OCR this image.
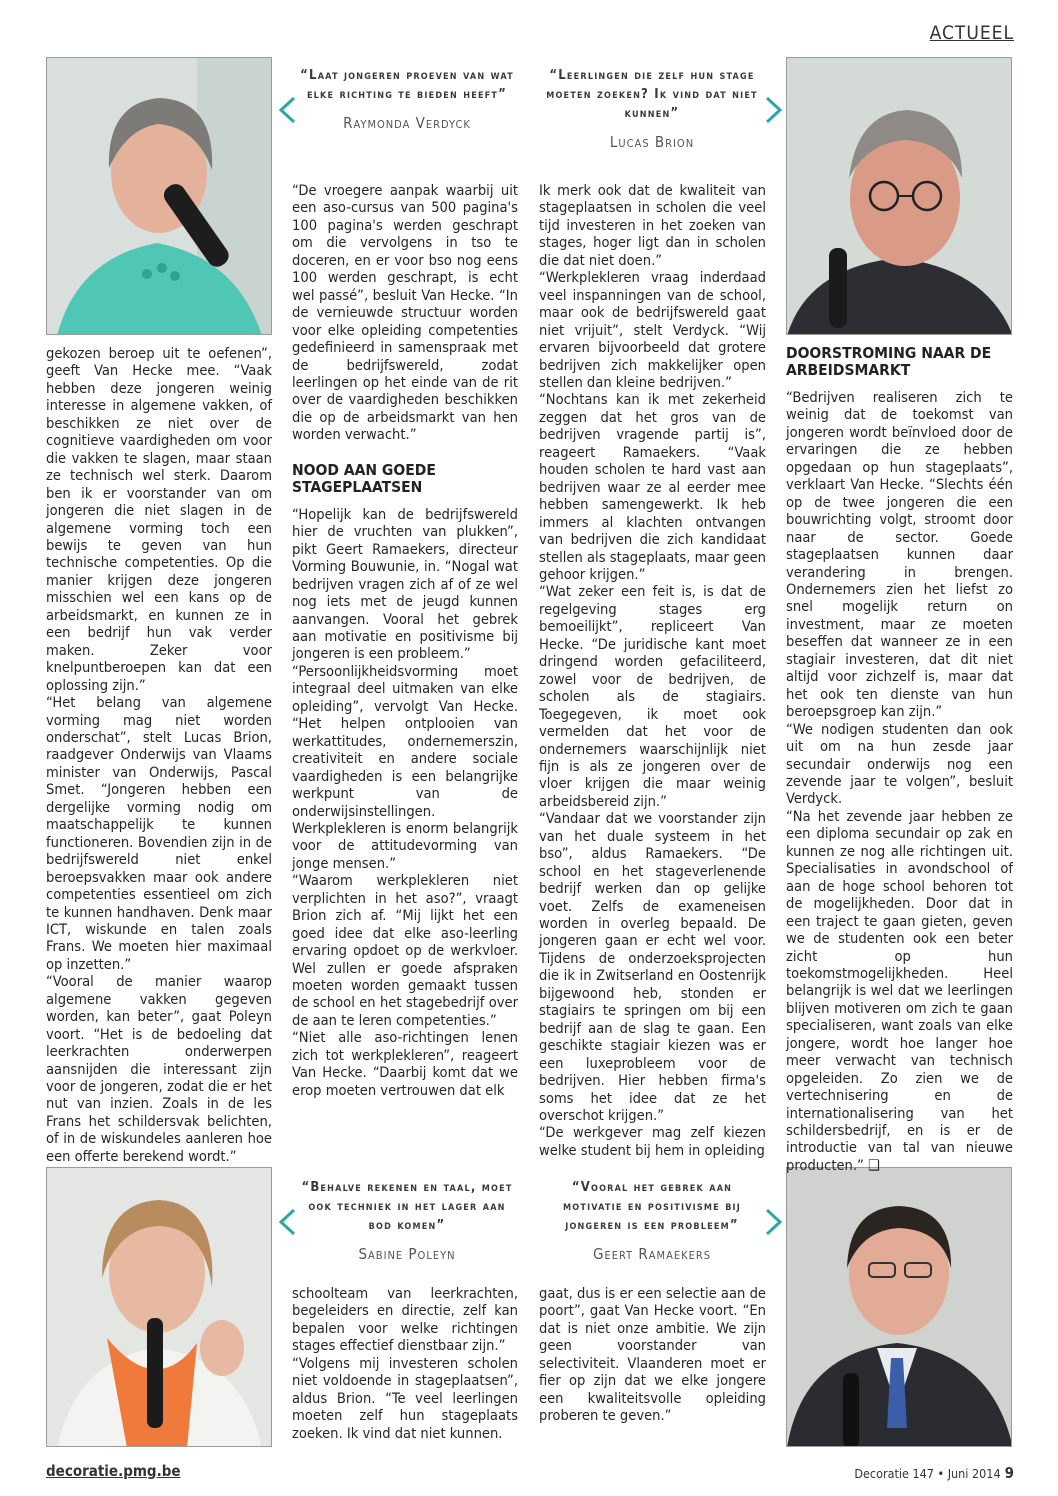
ACTUEEL
“Laat jongeren proeven van wat elke richting te bieden heeft”
Raymonda Verdyck
“Leerlingen die zelf hun stage moeten zoeken? Ik vind dat niet kunnen”
Lucas Brion
“Behalve rekenen en taal, moet ook techniek in het lager aan bod komen”
Sabine Poleyn
“Vooral het gebrek aan motivatie en positivisme bij jongeren is een probleem”
Geert Ramaekers

gekozen beroep uit te oefenen”, geeft Van Hecke mee. “Vaak hebben deze jongeren weinig interesse in algemene vakken, of beschikken ze niet over de cognitieve vaardigheden om voor die vakken te slagen, maar staan ze technisch wel sterk. Daarom ben ik er voorstander van om jongeren die niet slagen in de algemene vorming toch een bewijs te geven van hun technische competenties. Op die manier krijgen deze jongeren misschien wel een kans op de arbeidsmarkt, en kunnen ze in een bedrijf hun vak verder maken. Zeker voor knelpuntberoepen kan dat een oplossing zijn.”

“Het belang van algemene vorming mag niet worden onderschat”, stelt Lucas Brion, raadgever Onderwijs van Vlaams minister van Onderwijs, Pascal Smet. “Jongeren hebben een dergelijke vorming nodig om maatschappelijk te kunnen functioneren. Bovendien zijn in de bedrijfswereld niet enkel beroepsvakken maar ook andere competenties essentieel om zich te kunnen handhaven. Denk maar ICT, wiskunde en talen zoals Frans. We moeten hier maximaal op inzetten.”

“Vooral de manier waarop algemene vakken gegeven worden, kan beter”, gaat Poleyn voort. “Het is de bedoeling dat leerkrachten onderwerpen aansnijden die interessant zijn voor de jongeren, zodat die er het nut van inzien. Zoals in de les Frans het schildersvak belichten, of in de wiskundeles aanleren hoe een offerte berekend wordt.”

“De vroegere aanpak waarbij uit een aso-cursus van 500 pagina's 100 pagina's werden geschrapt om die vervolgens in tso te doceren, en er voor bso nog eens 100 werden geschrapt, is echt wel passé”, besluit Van Hecke. “In de vernieuwde structuur worden voor elke opleiding competenties gedefinieerd in samenspraak met de bedrijfswereld, zodat leerlingen op het einde van de rit over de vaardigheden beschikken die op de arbeidsmarkt van hen worden verwacht.”

NOOD AAN GOEDE STAGEPLAATSEN

“Hopelijk kan de bedrijfswereld hier de vruchten van plukken”, pikt Geert Ramaekers, directeur Vorming Bouwunie, in. “Nogal wat bedrijven vragen zich af of ze wel nog iets met de jeugd kunnen aanvangen. Vooral het gebrek aan motivatie en positivisme bij jongeren is een probleem.”

“Persoonlijkheidsvorming moet integraal deel uitmaken van elke opleiding”, vervolgt Van Hecke. “Het helpen ontplooien van werkattitudes, ondernemerszin, creativiteit en andere sociale vaardigheden is een belangrijke werkpunt van de onderwijsinstellingen. Werkplekleren is enorm belangrijk voor de attitudevorming van jonge mensen.”

“Waarom werkplekleren niet verplichten in het aso?”, vraagt Brion zich af. “Mij lijkt het een goed idee dat elke aso-leerling ervaring opdoet op de werkvloer. Wel zullen er goede afspraken moeten worden gemaakt tussen de school en het stagebedrijf over de aan te leren competenties.”

“Niet alle aso-richtingen lenen zich tot werkplekleren”, reageert Van Hecke. “Daarbij komt dat we erop moeten vertrouwen dat elk

schoolteam van leerkrachten, begeleiders en directie, zelf kan bepalen voor welke richtingen stages effectief dienstbaar zijn.”

“Volgens mij investeren scholen niet voldoende in stageplaatsen”, aldus Brion. “Te veel leerlingen moeten zelf hun stageplaats zoeken. Ik vind dat niet kunnen.

Ik merk ook dat de kwaliteit van stageplaatsen in scholen die veel tijd investeren in het zoeken van stages, hoger ligt dan in scholen die dat niet doen.”

“Werkplekleren vraag inderdaad veel inspanningen van de school, maar ook de bedrijfswereld gaat niet vrijuit”, stelt Verdyck. “Wij ervaren bijvoorbeeld dat grotere bedrijven zich makkelijker open stellen dan kleine bedrijven.”

“Nochtans kan ik met zekerheid zeggen dat het gros van de bedrijven vragende partij is”, reageert Ramaekers. “Vaak houden scholen te hard vast aan bedrijven waar ze al eerder mee hebben samengewerkt. Ik heb immers al klachten ontvangen van bedrijven die zich kandidaat stellen als stageplaats, maar geen gehoor krijgen.”

“Wat zeker een feit is, is dat de regelgeving stages erg bemoeilijkt”, repliceert Van Hecke. “De juridische kant moet dringend worden gefaciliteerd, zowel voor de bedrijven, de scholen als de stagiairs. Toegegeven, ik moet ook vermelden dat het voor de ondernemers waarschijnlijk niet fijn is als ze jongeren over de vloer krijgen die maar weinig arbeidsbereid zijn.”

“Vandaar dat we voorstander zijn van het duale systeem in het bso”, aldus Ramaekers. “De school en het stageverlenende bedrijf werken dan op gelijke voet. Zelfs de exameneisen worden in overleg bepaald. De jongeren gaan er echt wel voor. Tijdens de onderzoeksprojecten die ik in Zwitserland en Oostenrijk bijgewoond heb, stonden er stagiairs te springen om bij een bedrijf aan de slag te gaan. Een geschikte stagiair kiezen was er een luxeprobleem voor de bedrijven. Hier hebben firma's soms het idee dat ze het overschot krijgen.”

“De werkgever mag zelf kiezen welke student bij hem in opleiding

gaat, dus is er een selectie aan de poort”, gaat Van Hecke voort. “En dat is niet onze ambitie. We zijn geen voorstander van selectiviteit. Vlaanderen moet er fier op zijn dat we elke jongere een kwaliteitsvolle opleiding proberen te geven.”

DOORSTROMING NAAR DE ARBEIDSMARKT

“Bedrijven realiseren zich te weinig dat de toekomst van jongeren wordt beïnvloed door de ervaringen die ze hebben opgedaan op hun stageplaats”, verklaart Van Hecke. “Slechts één op de twee jongeren die een bouwrichting volgt, stroomt door naar de sector. Goede stageplaatsen kunnen daar verandering in brengen. Ondernemers zien het liefst zo snel mogelijk return on investment, maar ze moeten beseffen dat wanneer ze in een stagiair investeren, dat dit niet altijd voor zichzelf is, maar dat het ook ten dienste van hun beroepsgroep kan zijn.”

“We nodigen studenten dan ook uit om na hun zesde jaar secundair onderwijs nog een zevende jaar te volgen”, besluit Verdyck.

“Na het zevende jaar hebben ze een diploma secundair op zak en kunnen ze nog alle richtingen uit. Specialisaties in avondschool of aan de hoge school behoren tot de mogelijkheden. Door dat in een traject te gaan gieten, geven we de studenten ook een beter zicht op hun toekomstmogelijkheden. Heel belangrijk is wel dat we leerlingen blijven motiveren om zich te gaan specialiseren, want zoals van elke jongere, wordt hoe langer hoe meer verwacht van technisch opgeleiden. Zo zien we de vertechnisering en de internationalisering van het schildersbedrijf, en is er de introductie van tal van nieuwe producten.” ❑

decoratie.pmg.be	Decoratie 147 • Juni 2014 9
